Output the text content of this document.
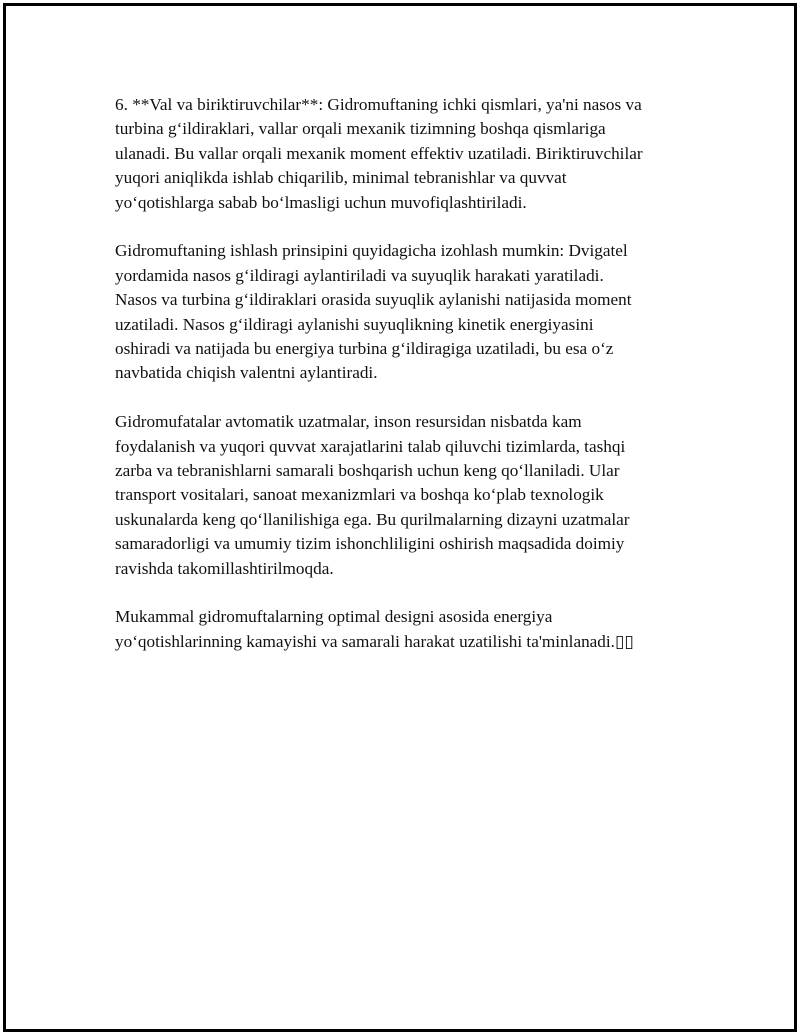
6. **Val va biriktiruvchilar**: Gidromuftaning ichki qismlari, ya'ni nasos va
turbina g‘ildiraklari, vallar orqali mexanik tizimning boshqa qismlariga
ulanadi. Bu vallar orqali mexanik moment effektiv uzatiladi. Biriktiruvchilar
yuqori aniqlikda ishlab chiqarilib, minimal tebranishlar va quvvat
yo‘qotishlarga sabab bo‘lmasligi uchun muvofiqlashtiriladi.

Gidromuftaning ishlash prinsipini quyidagicha izohlash mumkin: Dvigatel
yordamida nasos g‘ildiragi aylantiriladi va suyuqlik harakati yaratiladi.
Nasos va turbina g‘ildiraklari orasida suyuqlik aylanishi natijasida moment
uzatiladi. Nasos g‘ildiragi aylanishi suyuqlikning kinetik energiyasini
oshiradi va natijada bu energiya turbina g‘ildiragiga uzatiladi, bu esa o‘z
navbatida chiqish valentni aylantiradi.

Gidromufatalar avtomatik uzatmalar, inson resursidan nisbatda kam
foydalanish va yuqori quvvat xarajatlarini talab qiluvchi tizimlarda, tashqi
zarba va tebranishlarni samarali boshqarish uchun keng qo‘llaniladi. Ular
transport vositalari, sanoat mexanizmlari va boshqa ko‘plab texnologik
uskunalarda keng qo‘llanilishiga ega. Bu qurilmalarning dizayni uzatmalar
samaradorligi va umumiy tizim ishonchliligini oshirish maqsadida doimiy
ravishda takomillashtirilmoqda.

Mukammal gidromuftalarning optimal designi asosida energiya
yo‘qotishlarinning kamayishi va samarali harakat uzatilishi ta'minlanadi.▯▯
